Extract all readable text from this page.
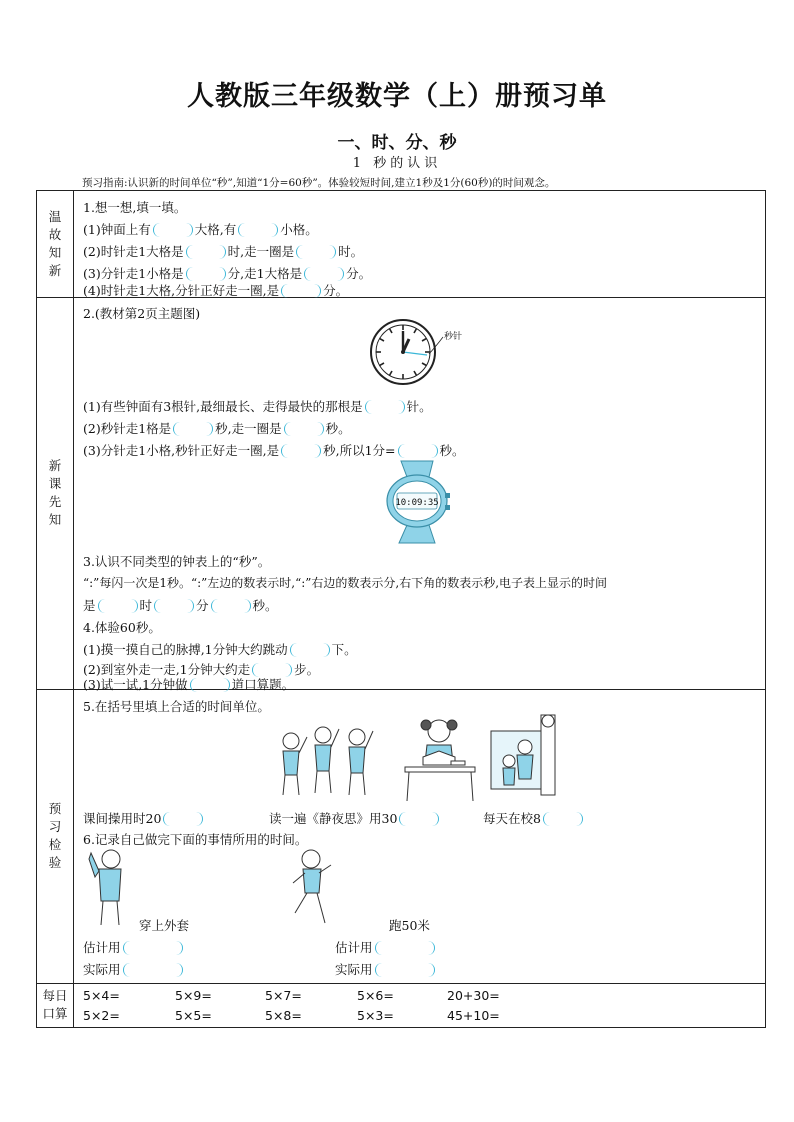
人教版三年级数学（上）册预习单
一、时、分、秒
1 秒的认识
预习指南:认识新的时间单位“秒”,知道“1分=60秒”。体验较短时间,建立1秒及1分(60秒)的时间观念。
温故知新
1.想一想,填一填。
(1)钟面上有	大格,有	小格。
(2)时针走1大格是	时,走一圈是	时。
(3)分针走1小格是	分,走1大格是	分。
(4)时针走1大格,分针正好走一圈,是	分。
新课先知
2.(教材第2页主题图)
秒针
(1)有些钟面有3根针,最细最长、走得最快的那根是	针。
(2)秒针走1格是	秒,走一圈是	秒。
(3)分针走1小格,秒针正好走一圈,是	秒,所以1分=	秒。
10:09:35
3.认识不同类型的钟表上的“秒”。
“:”每闪一次是1秒。“:”左边的数表示时,“:”右边的数表示分,右下角的数表示秒,电子表上显示的时间
是	时	分	秒。
4.体验60秒。
(1)摸一摸自己的脉搏,1分钟大约跳动	下。
(2)到室外走一走,1分钟大约走	步。
(3)试一试,1分钟做	道口算题。
预习检验
5.在括号里填上合适的时间单位。
课间操用时20	读一遍《静夜思》用30	每天在校8
6.记录自己做完下面的事情所用的时间。
穿上外套	跑50米
估计用	估计用
实际用	实际用
每日口算
5×4=	5×9=	5×7=	5×6=	20+30=
5×2=	5×5=	5×8=	5×3=	45+10=
